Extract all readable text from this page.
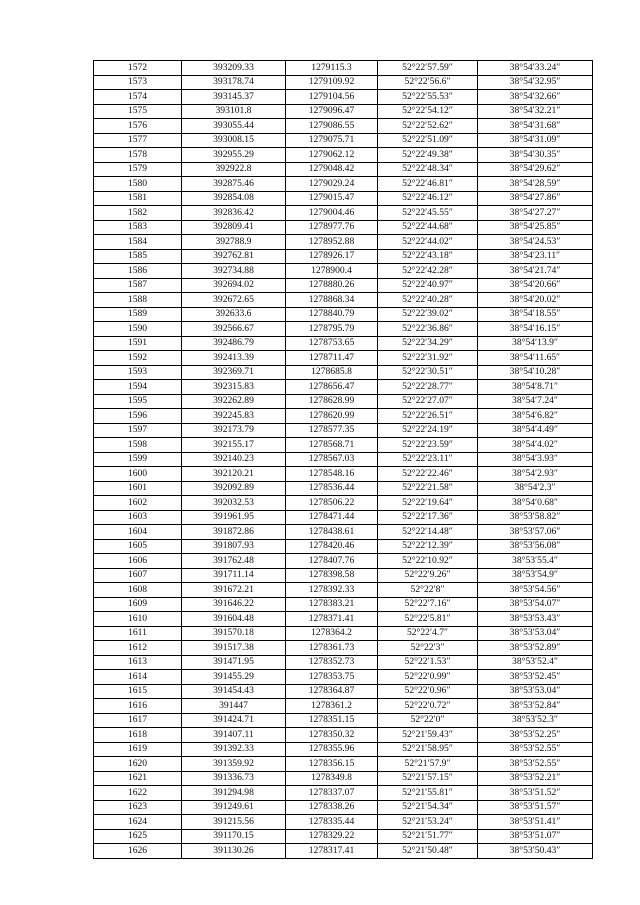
1572	393209.33	1279115.3	52°22′57.59″	38°54′33.24″
1573	393178.74	1279109.92	52°22′56.6″	38°54′32.95″
1574	393145.37	1279104.56	52°22′55.53″	38°54′32.66″
1575	393101.8	1279096.47	52°22′54.12″	38°54′32.21″
1576	393055.44	1279086.55	52°22′52.62″	38°54′31.68″
1577	393008.15	1279075.71	52°22′51.09″	38°54′31.09″
1578	392955.29	1279062.12	52°22′49.38″	38°54′30.35″
1579	392922.8	1279048.42	52°22′48.34″	38°54′29.62″
1580	392875.46	1279029.24	52°22′46.81″	38°54′28.59″
1581	392854.08	1279015.47	52°22′46.12″	38°54′27.86″
1582	392836.42	1279004.46	52°22′45.55″	38°54′27.27″
1583	392809.41	1278977.76	52°22′44.68″	38°54′25.85″
1584	392788.9	1278952.88	52°22′44.02″	38°54′24.53″
1585	392762.81	1278926.17	52°22′43.18″	38°54′23.11″
1586	392734.88	1278900.4	52°22′42.28″	38°54′21.74″
1587	392694.02	1278880.26	52°22′40.97″	38°54′20.66″
1588	392672.65	1278868.34	52°22′40.28″	38°54′20.02″
1589	392633.6	1278840.79	52°22′39.02″	38°54′18.55″
1590	392566.67	1278795.79	52°22′36.86″	38°54′16.15″
1591	392486.79	1278753.65	52°22′34.29″	38°54′13.9″
1592	392413.39	1278711.47	52°22′31.92″	38°54′11.65″
1593	392369.71	1278685.8	52°22′30.51″	38°54′10.28″
1594	392315.83	1278656.47	52°22′28.77″	38°54′8.71″
1595	392262.89	1278628.99	52°22′27.07″	38°54′7.24″
1596	392245.83	1278620.99	52°22′26.51″	38°54′6.82″
1597	392173.79	1278577.35	52°22′24.19″	38°54′4.49″
1598	392155.17	1278568.71	52°22′23.59″	38°54′4.02″
1599	392140.23	1278567.03	52°22′23.11″	38°54′3.93″
1600	392120.21	1278548.16	52°22′22.46″	38°54′2.93″
1601	392092.89	1278536.44	52°22′21.58″	38°54′2.3″
1602	392032.53	1278506.22	52°22′19.64″	38°54′0.68″
1603	391961.95	1278471.44	52°22′17.36″	38°53′58.82″
1604	391872.86	1278438.61	52°22′14.48″	38°53′57.06″
1605	391807.93	1278420.46	52°22′12.39″	38°53′56.08″
1606	391762.48	1278407.76	52°22′10.92″	38°53′55.4″
1607	391711.14	1278398.58	52°22′9.26″	38°53′54.9″
1608	391672.21	1278392.33	52°22′8″	38°53′54.56″
1609	391646.22	1278383.21	52°22′7.16″	38°53′54.07″
1610	391604.48	1278371.41	52°22′5.81″	38°53′53.43″
1611	391570.18	1278364.2	52°22′4.7″	38°53′53.04″
1612	391517.38	1278361.73	52°22′3″	38°53′52.89″
1613	391471.95	1278352.73	52°22′1.53″	38°53′52.4″
1614	391455.29	1278353.75	52°22′0.99″	38°53′52.45″
1615	391454.43	1278364.87	52°22′0.96″	38°53′53.04″
1616	391447	1278361.2	52°22′0.72″	38°53′52.84″
1617	391424.71	1278351.15	52°22′0″	38°53′52.3″
1618	391407.11	1278350.32	52°21′59.43″	38°53′52.25″
1619	391392.33	1278355.96	52°21′58.95″	38°53′52.55″
1620	391359.92	1278356.15	52°21′57.9″	38°53′52.55″
1621	391336.73	1278349.8	52°21′57.15″	38°53′52.21″
1622	391294.98	1278337.07	52°21′55.81″	38°53′51.52″
1623	391249.61	1278338.26	52°21′54.34″	38°53′51.57″
1624	391215.56	1278335.44	52°21′53.24″	38°53′51.41″
1625	391170.15	1278329.22	52°21′51.77″	38°53′51.07″
1626	391130.26	1278317.41	52°21′50.48″	38°53′50.43″
